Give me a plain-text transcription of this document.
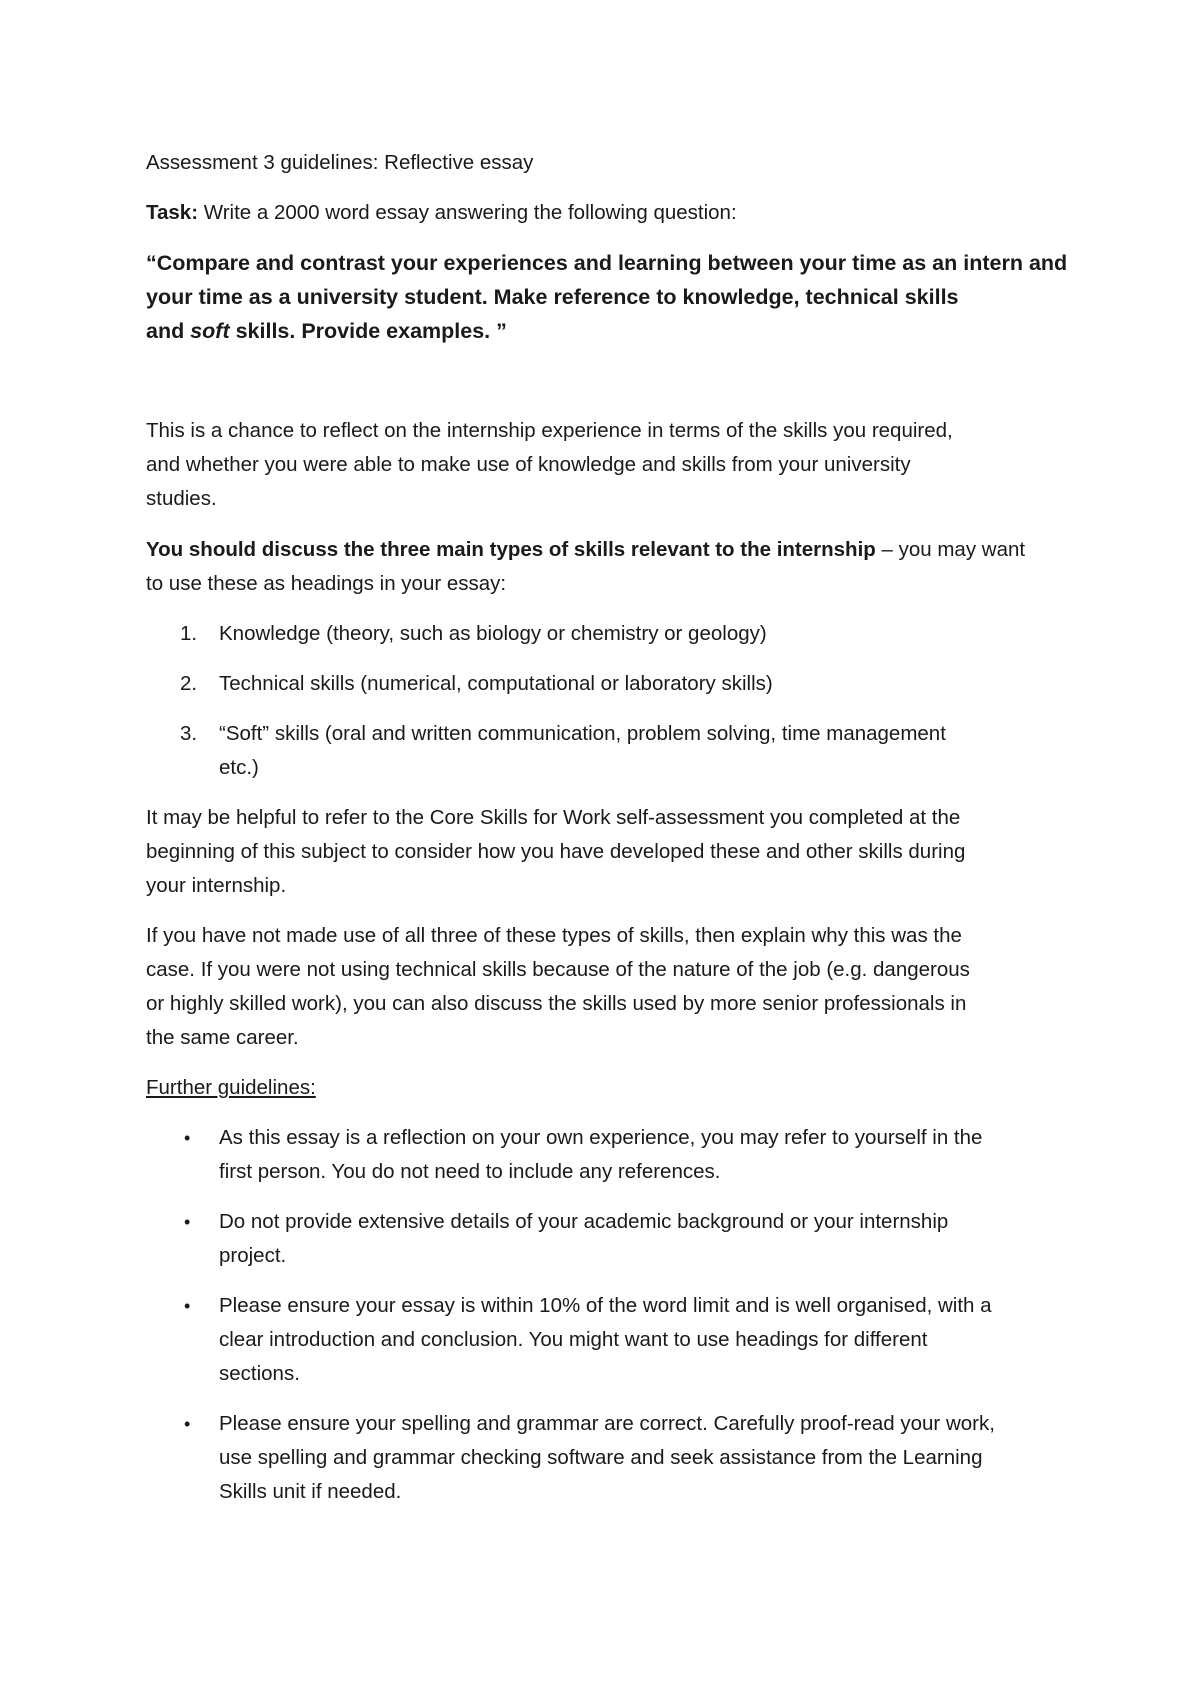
Assessment 3 guidelines: Reflective essay

Task: Write a 2000 word essay answering the following question:

“Compare and contrast your experiences and learning between your time as an intern and

your time as a university student. Make reference to knowledge, technical skills

and soft skills. Provide examples. ”

This is a chance to reflect on the internship experience in terms of the skills you required,

and whether you were able to make use of knowledge and skills from your university

studies.

You should discuss the three main types of skills relevant to the internship – you may want

to use these as headings in your essay:

1.	Knowledge (theory, such as biology or chemistry or geology)
2.	Technical skills (numerical, computational or laboratory skills)
3.	“Soft” skills (oral and written communication, problem solving, time management
etc.)

It may be helpful to refer to the Core Skills for Work self-assessment you completed at the

beginning of this subject to consider how you have developed these and other skills during

your internship.

If you have not made use of all three of these types of skills, then explain why this was the

case. If you were not using technical skills because of the nature of the job (e.g. dangerous

or highly skilled work), you can also discuss the skills used by more senior professionals in

the same career.

Further guidelines:

• As this essay is a reflection on your own experience, you may refer to yourself in the
first person. You do not need to include any references.
• Do not provide extensive details of your academic background or your internship
project.
• Please ensure your essay is within 10% of the word limit and is well organised, with a
clear introduction and conclusion. You might want to use headings for different
sections.
• Please ensure your spelling and grammar are correct. Carefully proof-read your work,
use spelling and grammar checking software and seek assistance from the Learning
Skills unit if needed.
